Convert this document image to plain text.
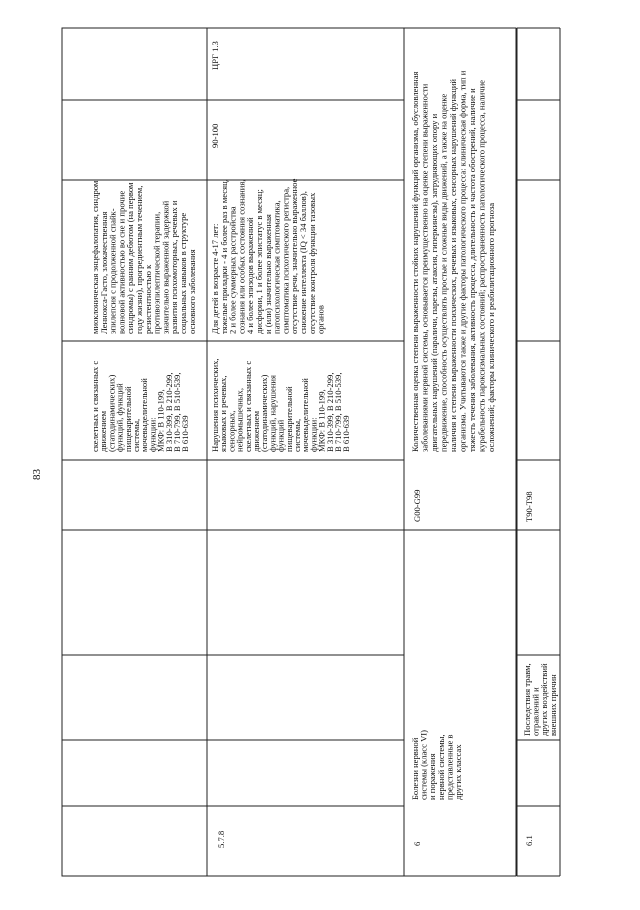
83
скелетных и связанных с
движением
(статодинамических)
функций, функций
пищеварительной
системы,
мочевыделительной
функции:
МКФ: B 110-199,
B 310-399, B 210-299,
B 710-799, B 510-539,
B 610-639
миоклоническая энцефалопатия, синдром
Леннокса-Гасто, злокачественная
эпилепсия с продолженной спайк-
волновой активностью во сне и прочие
синдромы) с ранним дебютом (на первом
году жизни), прогредиентным течением,
резистентностью к
противоэпилептической терапии,
значительно выраженной задержкой
развития психомоторных, речевых и
социальных навыков в структуре
основного заболевания
5.7.8
Нарушения психических,
языковых и речевых,
сенсорных,
нейромышечных,
скелетных и связанных с
движением
(статодинамических)
функций, нарушения
функций
пищеварительной
системы,
мочевыделительной
функции:
МКФ: B 110-199,
B 310-399, B 210-299,
B 710-799, B 510-539,
B 610-639
Для детей в возрасте 4-17 лет:
тяжелые приладки - 4 и более раз в месяц,
2 и более суммерных расстройства
сознания или особых состояния сознания,
4 и более эпизодов выраженной
дисфории, 1 и более эпистатус в месяц;
и (или) значительно выраженная
патопсихологическая симптоматика,
симптоматика психотического регистра,
отсутствие речи, значительно выраженное
снижение интеллекта (IQ < 34 баллов),
отсутствие контроля функции тазовых
органов
90-100
ЦРГ 1.3
6
Болезни нервной
системы (класс VI)
и поражения
нервной системы,
представленные в
других классах
G00-G99
Количественная оценка степени выраженности стойких нарушений функций организма, обусловленная заболеваниями нервной системы, основывается преимущественно на оценке степени выраженности двигательных нарушений (параличи, парезы, атаксия, гиперкинезы), затрудняющих опору и передвижение, способность осуществлять простые и сложные виды движений, а также на оценке наличия и степени выраженности психических, речевых и языковых, сенсорных нарушений функций организма. Учитываются также и другие факторы патологического процесса: клиническая форма, тип и тяжесть течения заболевания, активность процесса, длительность и частота обострений, наличие и курабельность пароксизмальных состояний; распространенность патологического процесса, наличие осложнений; факторы клинического и реабилитационного прогноза
6.1
Последствия травм,
отравлений и
других воздействий
внешних причин
T90-T98
